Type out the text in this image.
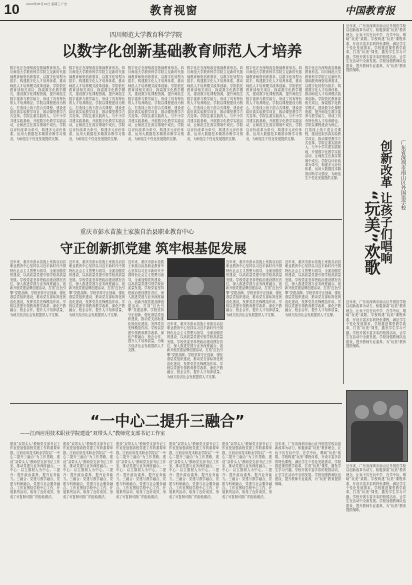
10 2023年05月10日 星期三 广告	教育视窗	中国教育报
四川师范大学教育科学学院
以数字化创新基础教育师范人才培养
数字化正在深刻改变基础教育形态。四川师范大学教育科学学院立足新时代基础教育师资培养需求，以数字化转型为抓手，构建数字化人才培养体系，推动师范人才培养模式改革创新。学院依托教育部相关项目，探索数字化教学模式，建设数字化课程资源，提升师范生数字素养与教学能力，形成了具有特色的人才培养路径。学院以课程建设为核心，打造线上线下混合式课程，建设虚拟仿真实验教学项目，推动课堂教学方式变革。学院注重实践育人，与中小学共建实践基地，开展数字化教学实践活动，让师范生在真实情境中成长。学院以评价改革为牵引，构建多元评价体系，运用大数据技术精准诊断学习情况，为师范生个性化发展提供支撑。
数字化正在深刻改变基础教育形态。四川师范大学教育科学学院立足新时代基础教育师资培养需求，以数字化转型为抓手，构建数字化人才培养体系，推动师范人才培养模式改革创新。学院依托教育部相关项目，探索数字化教学模式，建设数字化课程资源，提升师范生数字素养与教学能力，形成了具有特色的人才培养路径。学院以课程建设为核心，打造线上线下混合式课程，建设虚拟仿真实验教学项目，推动课堂教学方式变革。学院注重实践育人，与中小学共建实践基地，开展数字化教学实践活动，让师范生在真实情境中成长。学院以评价改革为牵引，构建多元评价体系，运用大数据技术精准诊断学习情况，为师范生个性化发展提供支撑。
数字化正在深刻改变基础教育形态。四川师范大学教育科学学院立足新时代基础教育师资培养需求，以数字化转型为抓手，构建数字化人才培养体系，推动师范人才培养模式改革创新。学院依托教育部相关项目，探索数字化教学模式，建设数字化课程资源，提升师范生数字素养与教学能力，形成了具有特色的人才培养路径。学院以课程建设为核心，打造线上线下混合式课程，建设虚拟仿真实验教学项目，推动课堂教学方式变革。学院注重实践育人，与中小学共建实践基地，开展数字化教学实践活动，让师范生在真实情境中成长。学院以评价改革为牵引，构建多元评价体系，运用大数据技术精准诊断学习情况，为师范生个性化发展提供支撑。
数字化正在深刻改变基础教育形态。四川师范大学教育科学学院立足新时代基础教育师资培养需求，以数字化转型为抓手，构建数字化人才培养体系，推动师范人才培养模式改革创新。学院依托教育部相关项目，探索数字化教学模式，建设数字化课程资源，提升师范生数字素养与教学能力，形成了具有特色的人才培养路径。学院以课程建设为核心，打造线上线下混合式课程，建设虚拟仿真实验教学项目，推动课堂教学方式变革。学院注重实践育人，与中小学共建实践基地，开展数字化教学实践活动，让师范生在真实情境中成长。学院以评价改革为牵引，构建多元评价体系，运用大数据技术精准诊断学习情况，为师范生个性化发展提供支撑。
数字化正在深刻改变基础教育形态。四川师范大学教育科学学院立足新时代基础教育师资培养需求，以数字化转型为抓手，构建数字化人才培养体系，推动师范人才培养模式改革创新。学院依托教育部相关项目，探索数字化教学模式，建设数字化课程资源，提升师范生数字素养与教学能力，形成了具有特色的人才培养路径。学院以课程建设为核心，打造线上线下混合式课程，建设虚拟仿真实验教学项目，推动课堂教学方式变革。学院注重实践育人，与中小学共建实践基地，开展数字化教学实践活动，让师范生在真实情境中成长。学院以评价改革为牵引，构建多元评价体系，运用大数据技术精准诊断学习情况，为师范生个性化发展提供支撑。
数字化正在深刻改变基础教育形态。四川师范大学教育科学学院立足新时代基础教育师资培养需求，以数字化转型为抓手，构建数字化人才培养体系，推动师范人才培养模式改革创新。学院依托教育部相关项目，探索数字化教学模式，建设数字化课程资源，提升师范生数字素养与教学能力，形成了具有特色的人才培养路径。学院以课程建设为核心，打造线上线下混合式课程，建设虚拟仿真实验教学项目，推动课堂教学方式变革。学院注重实践育人，与中小学共建实践基地，开展数字化教学实践活动，让师范生在真实情境中成长。学院以评价改革为牵引，构建多元评价体系，运用大数据技术精准诊断学习情况，为师范生个性化发展提供支撑。
近年来，广东省深圳市南山区外国语学校以创新改革为动力，积极探索“玩美”教育理念，让孩子们在玩中学、在学中玩，唱响“玩美”欢歌。学校构建“玩美”课程体系，开设丰富多彩的特色课程，满足学生个性化发展需求。学校推进课堂教学改革，打造“玩美”课堂，激发学生学习兴趣。学校开展丰富多彩的校园活动，让学生在活动中全面发展。学校加强教师队伍建设，提升教师专业素养，为“玩美”教育提供保障。
重庆市彭水苗族土家族自治县职业教育中心
守正创新抓党建 筑牢根基促发展
近年来，重庆市彭水苗族土家族自治县职业教育中心坚持以习近平新时代中国特色社会主义思想为指导，全面加强党的建设，以高质量党建引领学校高质量发展。学校党委坚持把政治建设摆在首位，深入推进党建与业务深度融合，创新开展党建品牌创建活动，打造“红色引擎”党建品牌。学校坚持守正创新，强化基层党组织建设，推动党支部标准化规范化建设，发挥党员先锋模范作用。学校以党建引领教育教学改革，深化产教融合、校企合作，提升人才培养质量，为地方经济社会发展提供人才支撑。
近年来，重庆市彭水苗族土家族自治县职业教育中心坚持以习近平新时代中国特色社会主义思想为指导，全面加强党的建设，以高质量党建引领学校高质量发展。学校党委坚持把政治建设摆在首位，深入推进党建与业务深度融合，创新开展党建品牌创建活动，打造“红色引擎”党建品牌。学校坚持守正创新，强化基层党组织建设，推动党支部标准化规范化建设，发挥党员先锋模范作用。学校以党建引领教育教学改革，深化产教融合、校企合作，提升人才培养质量，为地方经济社会发展提供人才支撑。
近年来，重庆市彭水苗族土家族自治县职业教育中心坚持以习近平新时代中国特色社会主义思想为指导，全面加强党的建设，以高质量党建引领学校高质量发展。学校党委坚持把政治建设摆在首位，深入推进党建与业务深度融合，创新开展党建品牌创建活动，打造“红色引擎”党建品牌。学校坚持守正创新，强化基层党组织建设，推动党支部标准化规范化建设，发挥党员先锋模范作用。学校以党建引领教育教学改革，深化产教融合、校企合作，提升人才培养质量，为地方经济社会发展提供人才支撑。
近年来，重庆市彭水苗族土家族自治县职业教育中心坚持以习近平新时代中国特色社会主义思想为指导，全面加强党的建设，以高质量党建引领学校高质量发展。学校党委坚持把政治建设摆在首位，深入推进党建与业务深度融合，创新开展党建品牌创建活动，打造“红色引擎”党建品牌。学校坚持守正创新，强化基层党组织建设，推动党支部标准化规范化建设，发挥党员先锋模范作用。学校以党建引领教育教学改革，深化产教融合、校企合作，提升人才培养质量，为地方经济社会发展提供人才支撑。
近年来，重庆市彭水苗族土家族自治县职业教育中心坚持以习近平新时代中国特色社会主义思想为指导，全面加强党的建设，以高质量党建引领学校高质量发展。学校党委坚持把政治建设摆在首位，深入推进党建与业务深度融合，创新开展党建品牌创建活动，打造“红色引擎”党建品牌。学校坚持守正创新，强化基层党组织建设，推动党支部标准化规范化建设，发挥党员先锋模范作用。学校以党建引领教育教学改革，深化产教融合、校企合作，提升人才培养质量，为地方经济社会发展提供人才支撑。
近年来，重庆市彭水苗族土家族自治县职业教育中心坚持以习近平新时代中国特色社会主义思想为指导，全面加强党的建设，以高质量党建引领学校高质量发展。学校党委坚持把政治建设摆在首位，深入推进党建与业务深度融合，创新开展党建品牌创建活动，打造“红色引擎”党建品牌。学校坚持守正创新，强化基层党组织建设，推动党支部标准化规范化建设，发挥党员先锋模范作用。学校以党建引领教育教学改革，深化产教融合、校企合作，提升人才培养质量，为地方经济社会发展提供人才支撑。
广东省深圳市南山区外国语学校
创新改革 让孩子们唱响
“玩美”欢歌
近年来，广东省深圳市南山区外国语学校以创新改革为动力，积极探索“玩美”教育理念，让孩子们在玩中学、在学中玩，唱响“玩美”欢歌。学校构建“玩美”课程体系，开设丰富多彩的特色课程，满足学生个性化发展需求。学校推进课堂教学改革，打造“玩美”课堂，激发学生学习兴趣。学校开展丰富多彩的校园活动，让学生在活动中全面发展。学校加强教师队伍建设，提升教师专业素养，为“玩美”教育提供保障。
“一中心二提升三融合”
——江西应用技术职业学院建设“双带头人”教师党支部书记工作室
建设“双带头人”教师党支部书记工作室是加强高校党建工作的重要举措。江西应用技术职业学院以“一中心二提升三融合”为工作思路，建设“双带头人”教师党支部书记工作室，推动党建与业务深度融合。一中心：以立德树人为中心。二提升：提升政治素养，提升业务能力。三融合：党建与教学融合，党建与科研融合，党建与社会服务融合。工作室围绕学校中心工作，开展系列活动，取得了良好成效，形成了可复制可推广的经验做法。
建设“双带头人”教师党支部书记工作室是加强高校党建工作的重要举措。江西应用技术职业学院以“一中心二提升三融合”为工作思路，建设“双带头人”教师党支部书记工作室，推动党建与业务深度融合。一中心：以立德树人为中心。二提升：提升政治素养，提升业务能力。三融合：党建与教学融合，党建与科研融合，党建与社会服务融合。工作室围绕学校中心工作，开展系列活动，取得了良好成效，形成了可复制可推广的经验做法。
建设“双带头人”教师党支部书记工作室是加强高校党建工作的重要举措。江西应用技术职业学院以“一中心二提升三融合”为工作思路，建设“双带头人”教师党支部书记工作室，推动党建与业务深度融合。一中心：以立德树人为中心。二提升：提升政治素养，提升业务能力。三融合：党建与教学融合，党建与科研融合，党建与社会服务融合。工作室围绕学校中心工作，开展系列活动，取得了良好成效，形成了可复制可推广的经验做法。
建设“双带头人”教师党支部书记工作室是加强高校党建工作的重要举措。江西应用技术职业学院以“一中心二提升三融合”为工作思路，建设“双带头人”教师党支部书记工作室，推动党建与业务深度融合。一中心：以立德树人为中心。二提升：提升政治素养，提升业务能力。三融合：党建与教学融合，党建与科研融合，党建与社会服务融合。工作室围绕学校中心工作，开展系列活动，取得了良好成效，形成了可复制可推广的经验做法。
建设“双带头人”教师党支部书记工作室是加强高校党建工作的重要举措。江西应用技术职业学院以“一中心二提升三融合”为工作思路，建设“双带头人”教师党支部书记工作室，推动党建与业务深度融合。一中心：以立德树人为中心。二提升：提升政治素养，提升业务能力。三融合：党建与教学融合，党建与科研融合，党建与社会服务融合。工作室围绕学校中心工作，开展系列活动，取得了良好成效，形成了可复制可推广的经验做法。
近年来，广东省深圳市南山区外国语学校以创新改革为动力，积极探索“玩美”教育理念，让孩子们在玩中学、在学中玩，唱响“玩美”欢歌。学校构建“玩美”课程体系，开设丰富多彩的特色课程，满足学生个性化发展需求。学校推进课堂教学改革，打造“玩美”课堂，激发学生学习兴趣。学校开展丰富多彩的校园活动，让学生在活动中全面发展。学校加强教师队伍建设，提升教师专业素养，为“玩美”教育提供保障。
近年来，广东省深圳市南山区外国语学校以创新改革为动力，积极探索“玩美”教育理念，让孩子们在玩中学、在学中玩，唱响“玩美”欢歌。学校构建“玩美”课程体系，开设丰富多彩的特色课程，满足学生个性化发展需求。学校推进课堂教学改革，打造“玩美”课堂，激发学生学习兴趣。学校开展丰富多彩的校园活动，让学生在活动中全面发展。学校加强教师队伍建设，提升教师专业素养，为“玩美”教育提供保障。
